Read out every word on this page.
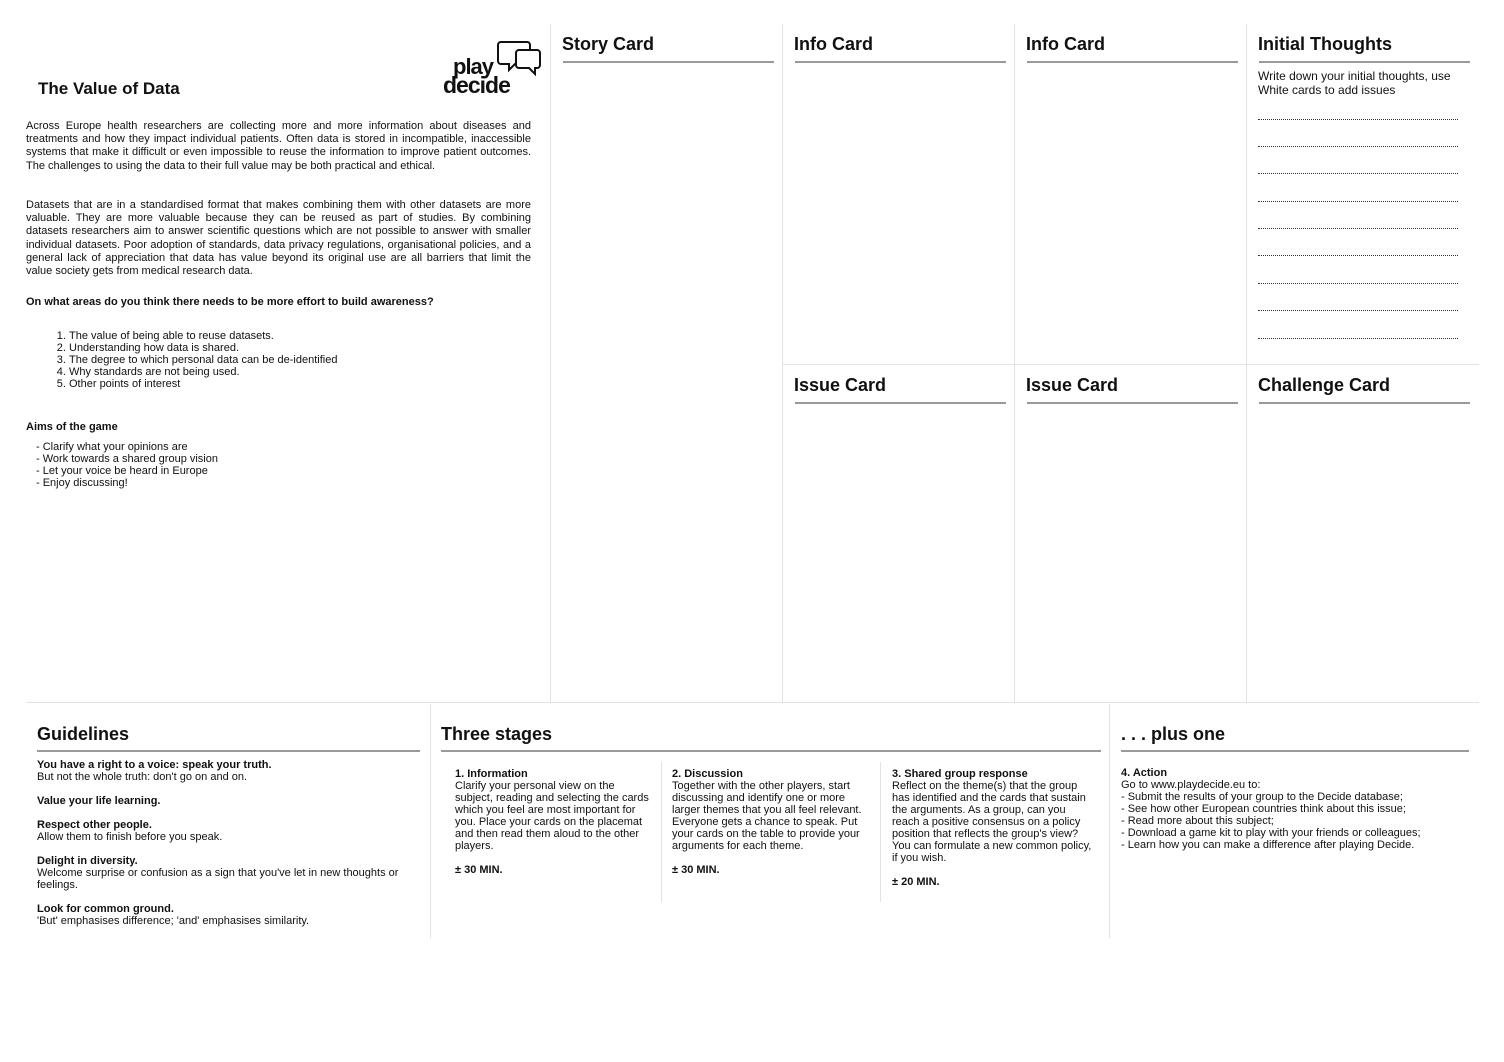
The Value of Data
play
decide

Across Europe health researchers are collecting more and more information about diseases and treatments and how they impact individual patients. Often data is stored in incompatible, inaccessible systems that make it difficult or even impossible to reuse the information to improve patient outcomes. The challenges to using the data to their full value may be both practical and ethical.

Datasets that are in a standardised format that makes combining them with other datasets are more valuable. They are more valuable because they can be reused as part of studies. By combining datasets researchers aim to answer scientific questions which are not possible to answer with smaller individual datasets. Poor adoption of standards, data privacy regulations, organisational policies, and a general lack of appreciation that data has value beyond its original use are all barriers that limit the value society gets from medical research data.

On what areas do you think there needs to be more effort to build awareness?
1. The value of being able to reuse datasets.
2. Understanding how data is shared.
3. The degree to which personal data can be de-identified
4. Why standards are not being used.
5. Other points of interest
Aims of the game
- Clarify what your opinions are
- Work towards a shared group vision
- Let your voice be heard in Europe
- Enjoy discussing!
Story Card	Info Card	Info Card	Initial Thoughts
Write down your initial thoughts, use White cards to add issues
Issue Card	Issue Card	Challenge Card
Guidelines
You have a right to a voice: speak your truth.
But not the whole truth: don't go on and on.
Value your life learning.
Respect other people.
Allow them to finish before you speak.
Delight in diversity.
Welcome surprise or confusion as a sign that you've let in new thoughts or feelings.
Look for common ground.
'But' emphasises difference; 'and' emphasises similarity.
Three stages
1. Information
Clarify your personal view on the subject, reading and selecting the cards which you feel are most important for you. Place your cards on the placemat and then read them aloud to the other players.
± 30 MIN.
2. Discussion
Together with the other players, start discussing and identify one or more larger themes that you all feel relevant. Everyone gets a chance to speak. Put your cards on the table to provide your arguments for each theme.
± 30 MIN.
3. Shared group response
Reflect on the theme(s) that the group has identified and the cards that sustain the arguments. As a group, can you reach a positive consensus on a policy position that reflects the group's view?
You can formulate a new common policy, if you wish.
± 20 MIN.
. . . plus one
4. Action
Go to www.playdecide.eu to:
- Submit the results of your group to the Decide database;
- See how other European countries think about this issue;
- Read more about this subject;
- Download a game kit to play with your friends or colleagues;
- Learn how you can make a difference after playing Decide.
